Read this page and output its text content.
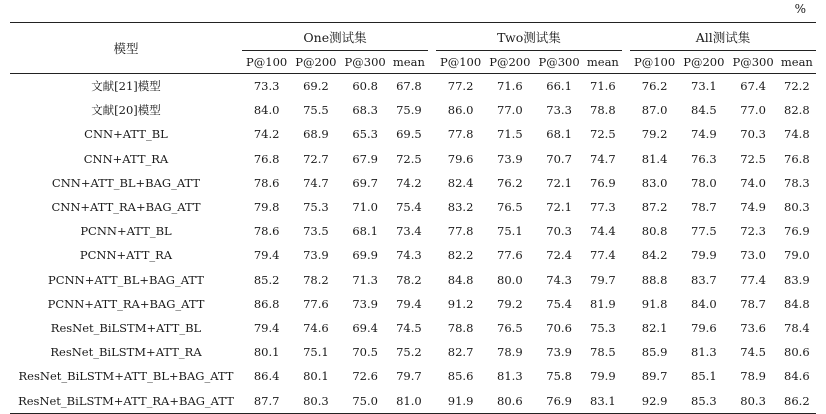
%
模型	One测试集					Two测试集					All测试集			
	P@100	P@200	P@300	mean		P@100	P@200	P@300	mean		P@100	P@200	P@300	mean
文献[21]模型	73.3	69.2	60.8	67.8		77.2	71.6	66.1	71.6		76.2	73.1	67.4	72.2
文献[20]模型	84.0	75.5	68.3	75.9		86.0	77.0	73.3	78.8		87.0	84.5	77.0	82.8
CNN+ATT_BL	74.2	68.9	65.3	69.5		77.8	71.5	68.1	72.5		79.2	74.9	70.3	74.8
CNN+ATT_RA	76.8	72.7	67.9	72.5		79.6	73.9	70.7	74.7		81.4	76.3	72.5	76.8
CNN+ATT_BL+BAG_ATT	78.6	74.7	69.7	74.2		82.4	76.2	72.1	76.9		83.0	78.0	74.0	78.3
CNN+ATT_RA+BAG_ATT	79.8	75.3	71.0	75.4		83.2	76.5	72.1	77.3		87.2	78.7	74.9	80.3
PCNN+ATT_BL	78.6	73.5	68.1	73.4		77.8	75.1	70.3	74.4		80.8	77.5	72.3	76.9
PCNN+ATT_RA	79.4	73.9	69.9	74.3		82.2	77.6	72.4	77.4		84.2	79.9	73.0	79.0
PCNN+ATT_BL+BAG_ATT	85.2	78.2	71.3	78.2		84.8	80.0	74.3	79.7		88.8	83.7	77.4	83.9
PCNN+ATT_RA+BAG_ATT	86.8	77.6	73.9	79.4		91.2	79.2	75.4	81.9		91.8	84.0	78.7	84.8
ResNet_BiLSTM+ATT_BL	79.4	74.6	69.4	74.5		78.8	76.5	70.6	75.3		82.1	79.6	73.6	78.4
ResNet_BiLSTM+ATT_RA	80.1	75.1	70.5	75.2		82.7	78.9	73.9	78.5		85.9	81.3	74.5	80.6
ResNet_BiLSTM+ATT_BL+BAG_ATT	86.4	80.1	72.6	79.7		85.6	81.3	75.8	79.9		89.7	85.1	78.9	84.6
ResNet_BiLSTM+ATT_RA+BAG_ATT	87.7	80.3	75.0	81.0		91.9	80.6	76.9	83.1		92.9	85.3	80.3	86.2
